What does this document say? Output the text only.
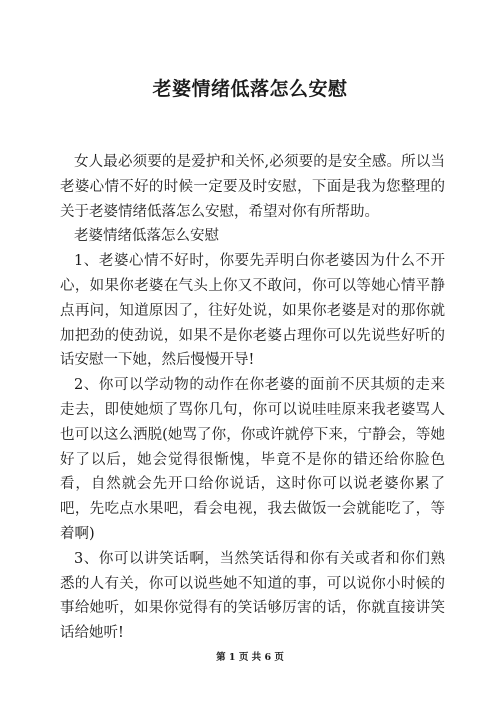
老婆情绪低落怎么安慰

女人最必须要的是爱护和关怀,必须要的是安全感。所以当老婆心情不好的时候一定要及时安慰，下面是我为您整理的关于老婆情绪低落怎么安慰，希望对你有所帮助。

老婆情绪低落怎么安慰

1、老婆心情不好时，你要先弄明白你老婆因为什么不开心，如果你老婆在气头上你又不敢问，你可以等她心情平静点再问，知道原因了，往好处说，如果你老婆是对的那你就加把劲的使劲说，如果不是你老婆占理你可以先说些好听的话安慰一下她，然后慢慢开导!

2、你可以学动物的动作在你老婆的面前不厌其烦的走来走去，即使她烦了骂你几句，你可以说哇哇原来我老婆骂人也可以这么洒脱(她骂了你，你或许就停下来，宁静会，等她好了以后，她会觉得很惭愧，毕竟不是你的错还给你脸色看，自然就会先开口给你说话，这时你可以说老婆你累了吧，先吃点水果吧，看会电视，我去做饭一会就能吃了，等着啊)

3、你可以讲笑话啊，当然笑话得和你有关或者和你们熟悉的人有关，你可以说些她不知道的事，可以说你小时候的事给她听，如果你觉得有的笑话够厉害的话，你就直接讲笑话给她听!

第 1 页 共 6 页
